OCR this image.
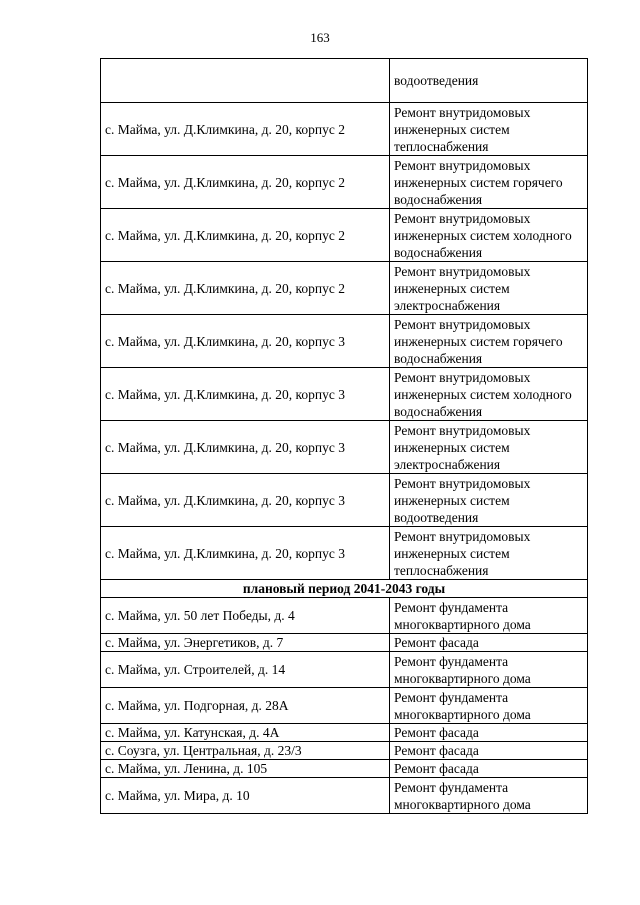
163
	водоотведения
с. Майма, ул. Д.Климкина, д. 20, корпус 2	Ремонт внутридомовых инженерных систем теплоснабжения
с. Майма, ул. Д.Климкина, д. 20, корпус 2	Ремонт внутридомовых инженерных систем горячего водоснабжения
с. Майма, ул. Д.Климкина, д. 20, корпус 2	Ремонт внутридомовых инженерных систем холодного водоснабжения
с. Майма, ул. Д.Климкина, д. 20, корпус 2	Ремонт внутридомовых инженерных систем электроснабжения
с. Майма, ул. Д.Климкина, д. 20, корпус 3	Ремонт внутридомовых инженерных систем горячего водоснабжения
с. Майма, ул. Д.Климкина, д. 20, корпус 3	Ремонт внутридомовых инженерных систем холодного водоснабжения
с. Майма, ул. Д.Климкина, д. 20, корпус 3	Ремонт внутридомовых инженерных систем электроснабжения
с. Майма, ул. Д.Климкина, д. 20, корпус 3	Ремонт внутридомовых инженерных систем водоотведения
с. Майма, ул. Д.Климкина, д. 20, корпус 3	Ремонт внутридомовых инженерных систем теплоснабжения
плановый период 2041-2043 годы	
с. Майма, ул. 50 лет Победы, д. 4	Ремонт фундамента многоквартирного дома
с. Майма, ул. Энергетиков, д. 7	Ремонт фасада
с. Майма, ул. Строителей, д. 14	Ремонт фундамента многоквартирного дома
с. Майма, ул. Подгорная, д. 28А	Ремонт фундамента многоквартирного дома
с. Майма, ул. Катунская, д. 4А	Ремонт фасада
с. Соузга, ул. Центральная, д. 23/3	Ремонт фасада
с. Майма, ул. Ленина, д. 105	Ремонт фасада
с. Майма, ул. Мира, д. 10	Ремонт фундамента многоквартирного дома
